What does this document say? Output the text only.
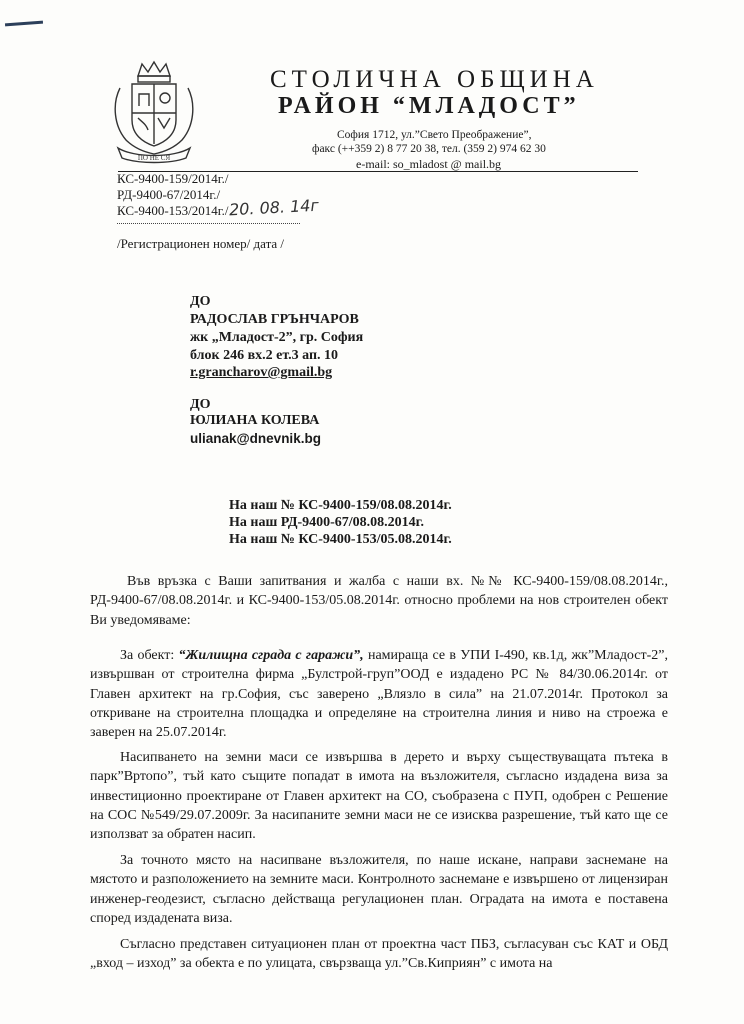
ПО НЕ СЯ
СТОЛИЧНА ОБЩИНА
РАЙОН “МЛАДОСТ”
София 1712, ул.”Свето Преображение”,
факс (++359 2) 8 77 20 38, тел. (359 2) 974 62 30
e-mail: so_mladost @ mail.bg
КС-9400-159/2014г./
РД-9400-67/2014г./
КС-9400-153/2014г./ 20. 08. 14г
/Регистрационен номер/ дата /
ДО
РАДОСЛАВ ГРЪНЧАРОВ
жк „Младост-2”, гр. София
блок 246 вх.2 ет.3 ап. 10
r.grancharov@gmail.bg
ДО
ЮЛИАНА КОЛЕВА
ulianak@dnevnik.bg
На наш № КС-9400-159/08.08.2014г.
На наш РД-9400-67/08.08.2014г.
На наш № КС-9400-153/05.08.2014г.

Във връзка с Ваши запитвания и жалба с наши вх. №№ КС-9400-159/08.08.2014г., РД-9400-67/08.08.2014г. и КС-9400-153/05.08.2014г. относно проблеми на нов строителен обект Ви уведомяваме:

За обект: “Жилищна сграда с гаражи”, намираща се в УПИ I-490, кв.1д, жк”Младост-2”, извършван от строителна фирма „Булстрой-груп”ООД е издадено РС № 84/30.06.2014г. от Главен архитект на гр.София, със заверено „Влязло в сила” на 21.07.2014г. Протокол за откриване на строителна площадка и определяне на строителна линия и ниво на строежа е заверен на 25.07.2014г.

Насипването на земни маси се извършва в дерето и върху съществуващата пътека в парк”Вртопо”, тъй като същите попадат в имота на възложителя, съгласно издадена виза за инвестиционно проектиране от Главен архитект на СО, съобразена с ПУП, одобрен с Решение на СОС №549/29.07.2009г. За насипаните земни маси не се изисква разрешение, тъй като ще се използват за обратен насип.

За точното място на насипване възложителя, по наше искане, направи заснемане на мястото и разположението на земните маси. Контролното заснемане е извършено от лицензиран инженер-геодезист, съгласно действаща регулационен план. Оградата на имота е поставена според издадената виза.

Съгласно представен ситуационен план от проектна част ПБЗ, съгласуван със КАТ и ОБД „вход – изход” за обекта е по улицата, свързваща ул.”Св.Киприян” с имота на
